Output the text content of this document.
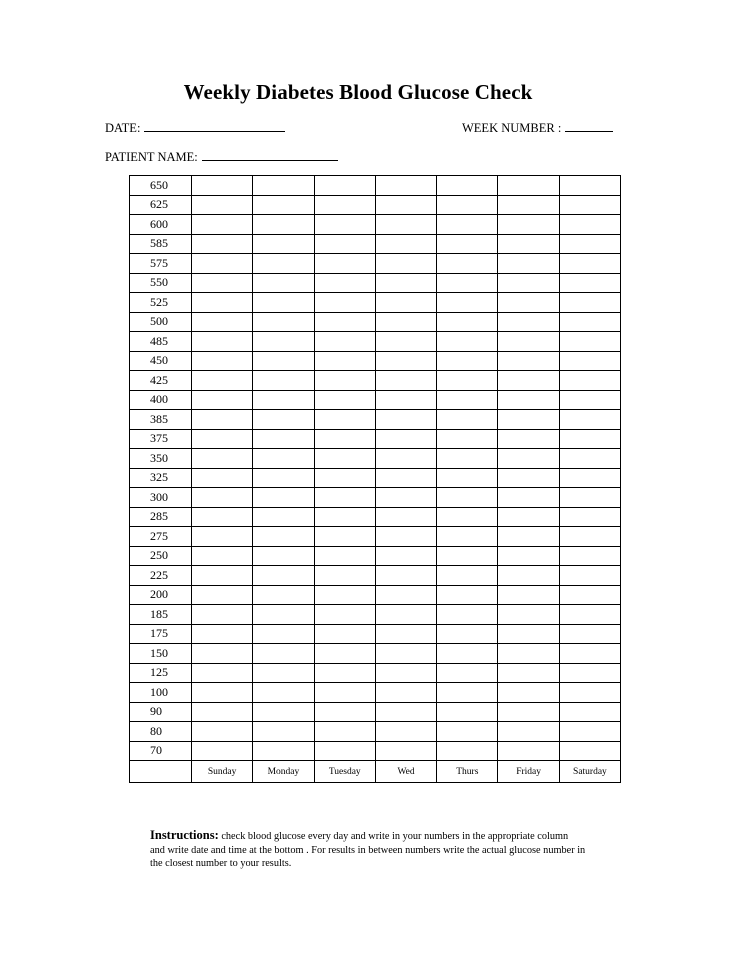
Weekly Diabetes Blood Glucose Check
DATE:	WEEK NUMBER :
PATIENT NAME:
650							
625							
600							
585							
575							
550							
525							
500							
485							
450							
425							
400							
385							
375							
350							
325							
300							
285							
275							
250							
225							
200							
185							
175							
150							
125							
100							
90							
80							
70							
	Sunday	Monday	Tuesday	Wed	Thurs	Friday	Saturday
Instructions: check blood glucose every day and write in your numbers in the appropriate column
and write date and time at the bottom . For results in between numbers write the actual glucose number in
the closest number to your results.
